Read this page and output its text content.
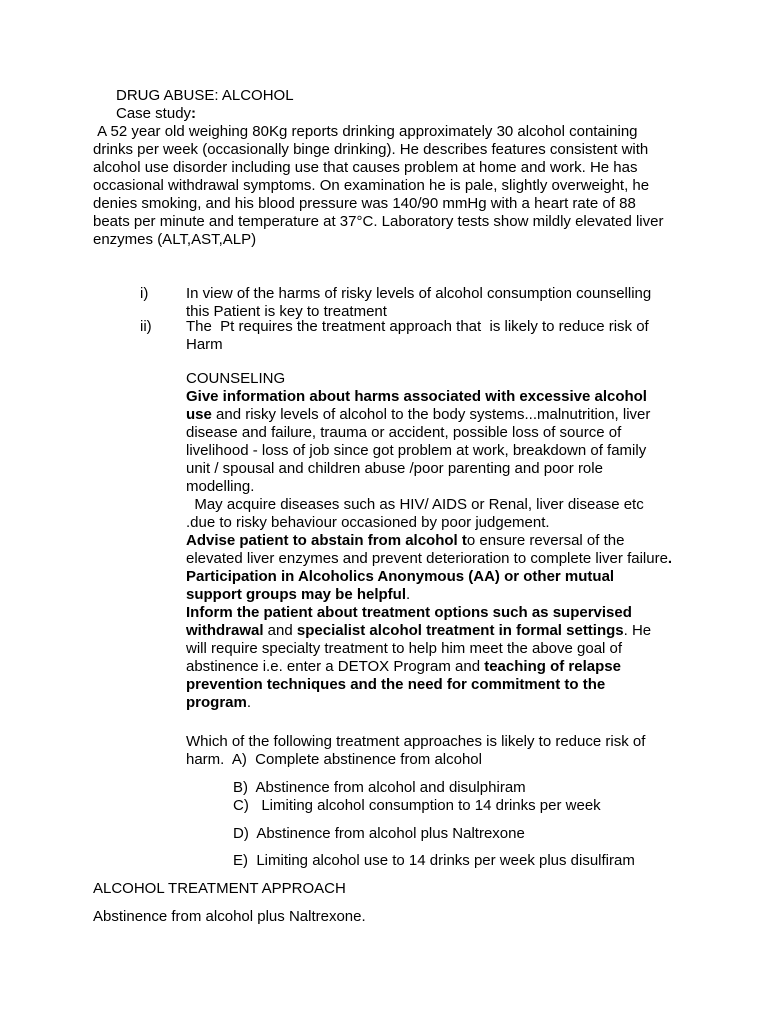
DRUG ABUSE: ALCOHOL

Case study:

A 52 year old weighing 80Kg reports drinking approximately 30 alcohol containing drinks per week (occasionally binge drinking). He describes features consistent with alcohol use disorder including use that causes problem at home and work. He has occasional withdrawal symptoms. On examination he is pale, slightly overweight, he denies smoking, and his blood pressure was 140/90 mmHg with a heart rate of 88 beats per minute and temperature at 37°C. Laboratory tests show mildly elevated liver enzymes (ALT,AST,ALP)

i)	In view of the harms of risky levels of alcohol consumption counselling this Patient is key to treatment

ii) The  Pt requires the treatment approach that  is likely to reduce risk of Harm

COUNSELING

Give information about harms associated with excessive alcohol use and risky levels of alcohol to the body systems...malnutrition, liver disease and failure, trauma or accident, possible loss of source of livelihood - loss of job since got problem at work, breakdown of family unit / spousal and children abuse /poor parenting and poor role modelling.

May acquire diseases such as HIV/ AIDS or Renal, liver disease etc .due to risky behaviour occasioned by poor judgement.

Advise patient to abstain from alcohol to ensure reversal of the elevated liver enzymes and prevent deterioration to complete liver failure. Participation in Alcoholics Anonymous (AA) or other mutual support groups may be helpful.

Inform the patient about treatment options such as supervised withdrawal and specialist alcohol treatment in formal settings. He will require specialty treatment to help him meet the above goal of abstinence i.e. enter a DETOX Program and teaching of relapse prevention techniques and the need for commitment to the program.

Which of the following treatment approaches is likely to reduce risk of harm.  A)  Complete abstinence from alcohol

B)  Abstinence from alcohol and disulphiram

C)   Limiting alcohol consumption to 14 drinks per week

D)  Abstinence from alcohol plus Naltrexone

E)  Limiting alcohol use to 14 drinks per week plus disulfiram

ALCOHOL TREATMENT APPROACH

Abstinence from alcohol plus Naltrexone.
